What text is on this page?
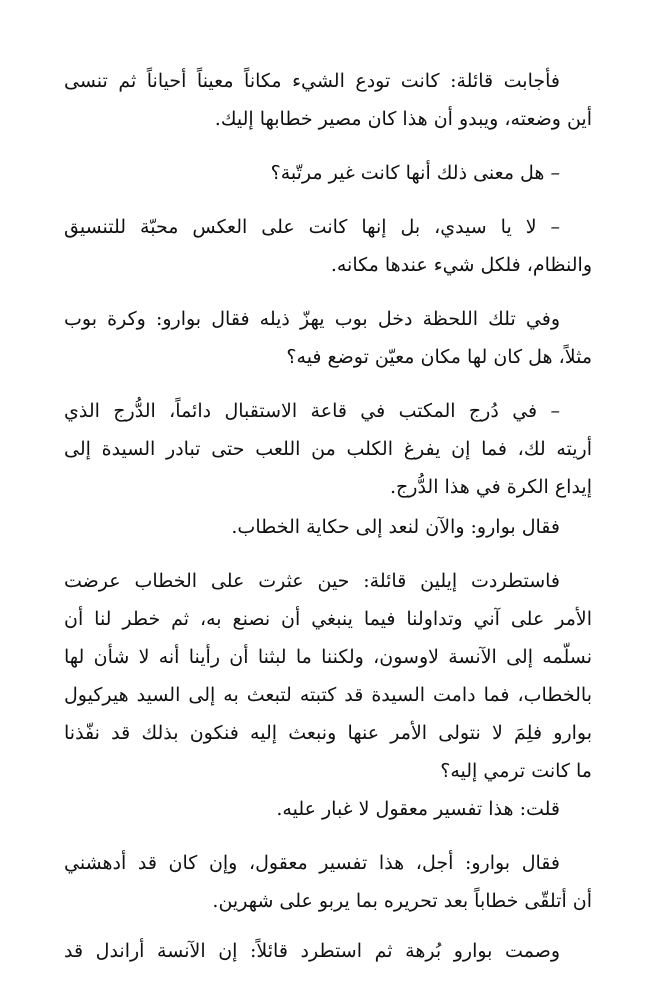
فأجابت قائلة: كانت تودع الشيء مكاناً معيناً أحياناً ثم تنسى
أين وضعته، ويبدو أن هذا كان مصير خطابها إليك.

– هل معنى ذلك أنها كانت غير مرتّبة؟

– لا يا سيدي، بل إنها كانت على العكس محبّة للتنسيق
والنظام، فلكل شيء عندها مكانه.

وفي تلك اللحظة دخل بوب يهزّ ذيله فقال بوارو: وكرة بوب
مثلاً، هل كان لها مكان معيّن توضع فيه؟

– في دُرج المكتب في قاعة الاستقبال دائماً، الدُّرج الذي
أريته لك، فما إن يفرغ الكلب من اللعب حتى تبادر السيدة إلى
إيداع الكرة في هذا الدُّرج.

فقال بوارو: والآن لنعد إلى حكاية الخطاب.

فاستطردت إيلين قائلة: حين عثرت على الخطاب عرضت
الأمر على آني وتداولنا فيما ينبغي أن نصنع به، ثم خطر لنا أن
نسلّمه إلى الآنسة لاوسون، ولكننا ما لبثنا أن رأينا أنه لا شأن لها
بالخطاب، فما دامت السيدة قد كتبته لتبعث به إلى السيد هيركيول
بوارو فلِمَ لا نتولى الأمر عنها ونبعث إليه فنكون بذلك قد نفّذنا
ما كانت ترمي إليه؟

قلت: هذا تفسير معقول لا غبار عليه.

فقال بوارو: أجل، هذا تفسير معقول، وإن كان قد أدهشني
أن أتلقّى خطاباً بعد تحريره بما يربو على شهرين.

وصمت بوارو بُرهة ثم استطرد قائلاً: إن الآنسة أراندل قد
